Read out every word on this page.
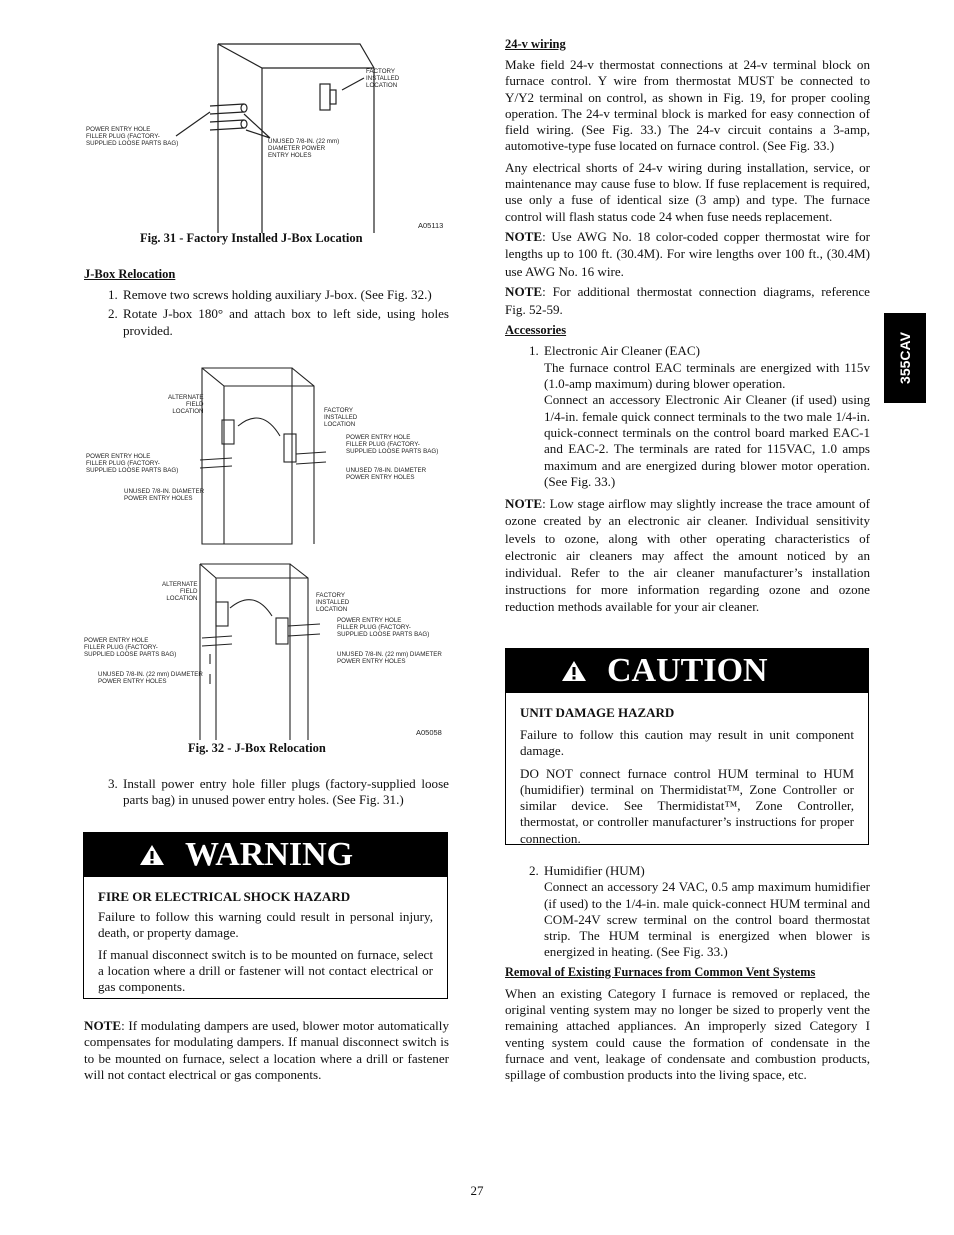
FACTORY
INSTALLED
LOCATION
POWER ENTRY HOLE
FILLER PLUG (FACTORY-
SUPPLIED LOOSE PARTS BAG)	UNUSED 7/8-IN. (22 mm)
DIAMETER POWER
ENTRY HOLES
A05113
Fig. 31 - Factory Installed J-Box Location
J-Box Relocation
1. Remove two screws holding auxiliary J-box. (See Fig. 32.)

2. Rotate J-box 180° and attach box to left side, using holes provided.

ALTERNATE
FIELD
LOCATION	FACTORY
INSTALLED
LOCATION
POWER ENTRY HOLE
FILLER PLUG (FACTORY-
SUPPLIED LOOSE PARTS BAG)
POWER ENTRY HOLE
FILLER PLUG (FACTORY-
SUPPLIED LOOSE PARTS BAG)	UNUSED 7/8-IN. DIAMETER
POWER ENTRY HOLES
UNUSED 7/8-IN. DIAMETER
POWER ENTRY HOLES
ALTERNATE
FIELD
LOCATION	FACTORY
INSTALLED
LOCATION
POWER ENTRY HOLE
FILLER PLUG (FACTORY-
SUPPLIED LOOSE PARTS BAG)
POWER ENTRY HOLE
FILLER PLUG (FACTORY-
SUPPLIED LOOSE PARTS BAG)	UNUSED 7/8-IN. (22 mm) DIAMETER
POWER ENTRY HOLES
UNUSED 7/8-IN. (22 mm) DIAMETER
POWER ENTRY HOLES
A05058
Fig. 32 - J-Box Relocation
3. Install power entry hole filler plugs (factory-supplied loose parts bag) in unused power entry holes. (See Fig. 31.)

WARNING
FIRE OR ELECTRICAL SHOCK HAZARD

Failure to follow this warning could result in personal injury, death, or property damage.

If manual disconnect switch is to be mounted on furnace, select a location where a drill or fastener will not contact electrical or gas components.

NOTE: If modulating dampers are used, blower motor automatically compensates for modulating dampers. If manual disconnect switch is to be mounted on furnace, select a location where a drill or fastener will not contact electrical or gas components.

24-v wiring

Make field 24-v thermostat connections at 24-v terminal block on furnace control. Y wire from thermostat MUST be connected to Y/Y2 terminal on control, as shown in Fig. 19, for proper cooling operation. The 24-v terminal block is marked for easy connection of field wiring. (See Fig. 33.) The 24-v circuit contains a 3-amp, automotive-type fuse located on furnace control. (See Fig. 33.)

Any electrical shorts of 24-v wiring during installation, service, or maintenance may cause fuse to blow. If fuse replacement is required, use only a fuse of identical size (3 amp) and type. The furnace control will flash status code 24 when fuse needs replacement.

NOTE: Use AWG No. 18 color-coded copper thermostat wire for lengths up to 100 ft. (30.4M). For wire lengths over 100 ft., (30.4M) use AWG No. 16 wire.

NOTE: For additional thermostat connection diagrams, reference Fig. 52-59.

Accessories
1. Electronic Air Cleaner (EAC)

The furnace control EAC terminals are energized with 115v (1.0-amp maximum) during blower operation.

Connect an accessory Electronic Air Cleaner (if used) using 1/4-in. female quick connect terminals to the two male 1/4-in. quick-connect terminals on the control board marked EAC-1 and EAC-2. The terminals are rated for 115VAC, 1.0 amps maximum and are energized during blower motor operation. (See Fig. 33.)

NOTE: Low stage airflow may slightly increase the trace amount of ozone created by an electronic air cleaner. Individual sensitivity levels to ozone, along with other operating characteristics of electronic air cleaners may affect the amount noticed by an individual. Refer to the air cleaner manufacturer’s installation instructions for more information regarding ozone and ozone reduction methods available for your air cleaner.

CAUTION
UNIT DAMAGE HAZARD

Failure to follow this caution may result in unit component damage.

DO NOT connect furnace control HUM terminal to HUM (humidifier) terminal on Thermidistat™, Zone Controller or similar device. See Thermidistat™, Zone Controller, thermostat, or controller manufacturer’s instructions for proper connection.

2. Humidifier (HUM)

Connect an accessory 24 VAC, 0.5 amp maximum humidifier (if used) to the 1/4-in. male quick-connect HUM terminal and COM-24V screw terminal on the control board thermostat strip. The HUM terminal is energized when blower is energized in heating. (See Fig. 33.)

Removal of Existing Furnaces from Common Vent Systems

When an existing Category I furnace is removed or replaced, the original venting system may no longer be sized to properly vent the remaining attached appliances. An improperly sized Category I venting system could cause the formation of condensate in the furnace and vent, leakage of condensate and combustion products, spillage of combustion products into the living space, etc.

355CAV
27
